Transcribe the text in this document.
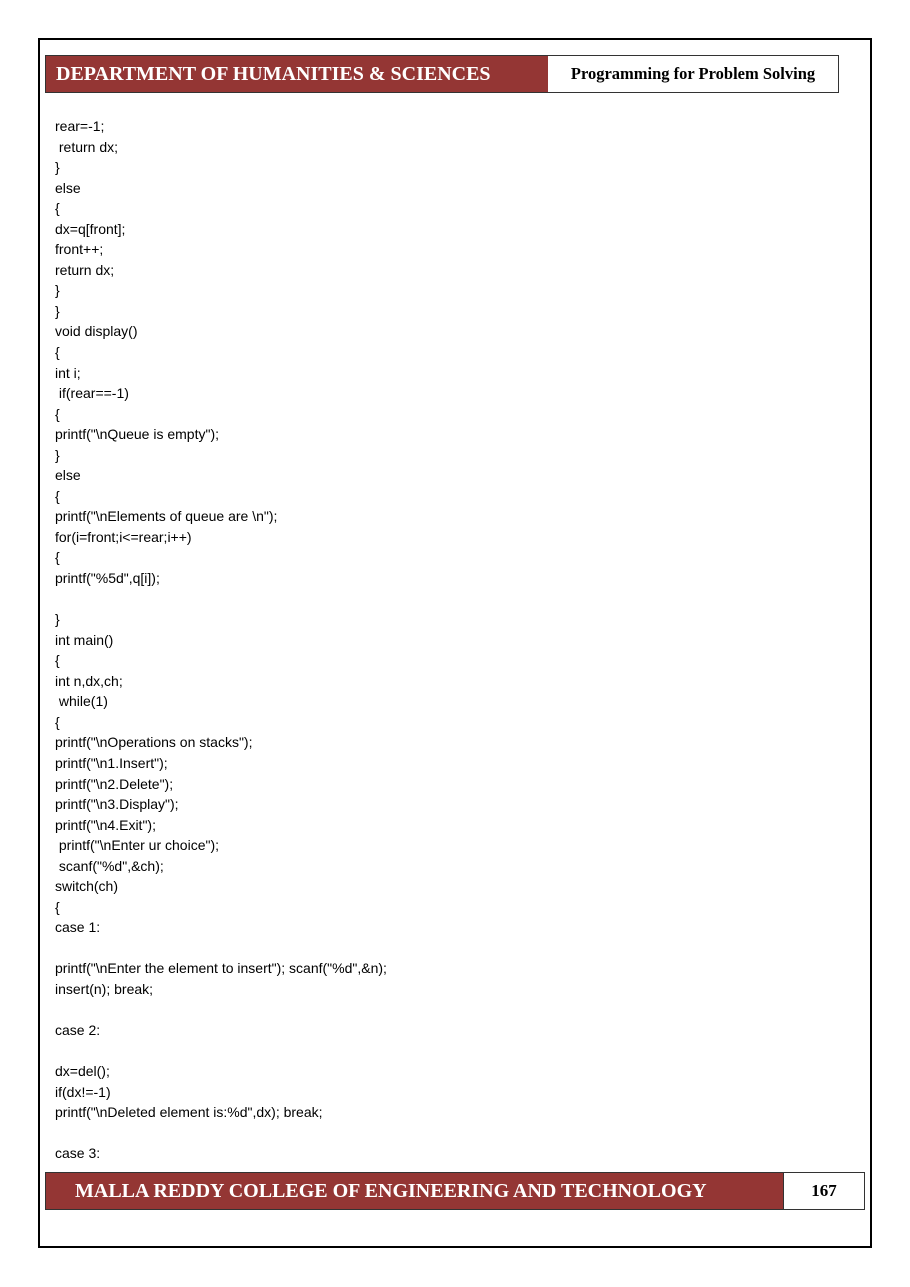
DEPARTMENT OF HUMANITIES & SCIENCES	Programming for Problem Solving
rear=-1;
return dx;
}
else
{
dx=q[front];
front++;
return dx;
}
}
void display()
{
int i;
if(rear==-1)
{
printf("\nQueue is empty");
}
else
{
printf("\nElements of queue are \n");
for(i=front;i<=rear;i++)
{
printf("%5d",q[i]);
}
int main()
{
int n,dx,ch;
while(1)
{
printf("\nOperations on stacks");
printf("\n1.Insert");
printf("\n2.Delete");
printf("\n3.Display");
printf("\n4.Exit");
printf("\nEnter ur choice");
scanf("%d",&ch);
switch(ch)
{
case 1:
printf("\nEnter the element to insert"); scanf("%d",&n);
insert(n); break;
case 2:
dx=del();
if(dx!=-1)
printf("\nDeleted element is:%d",dx); break;
case 3:
MALLA REDDY COLLEGE OF ENGINEERING AND TECHNOLOGY	167
